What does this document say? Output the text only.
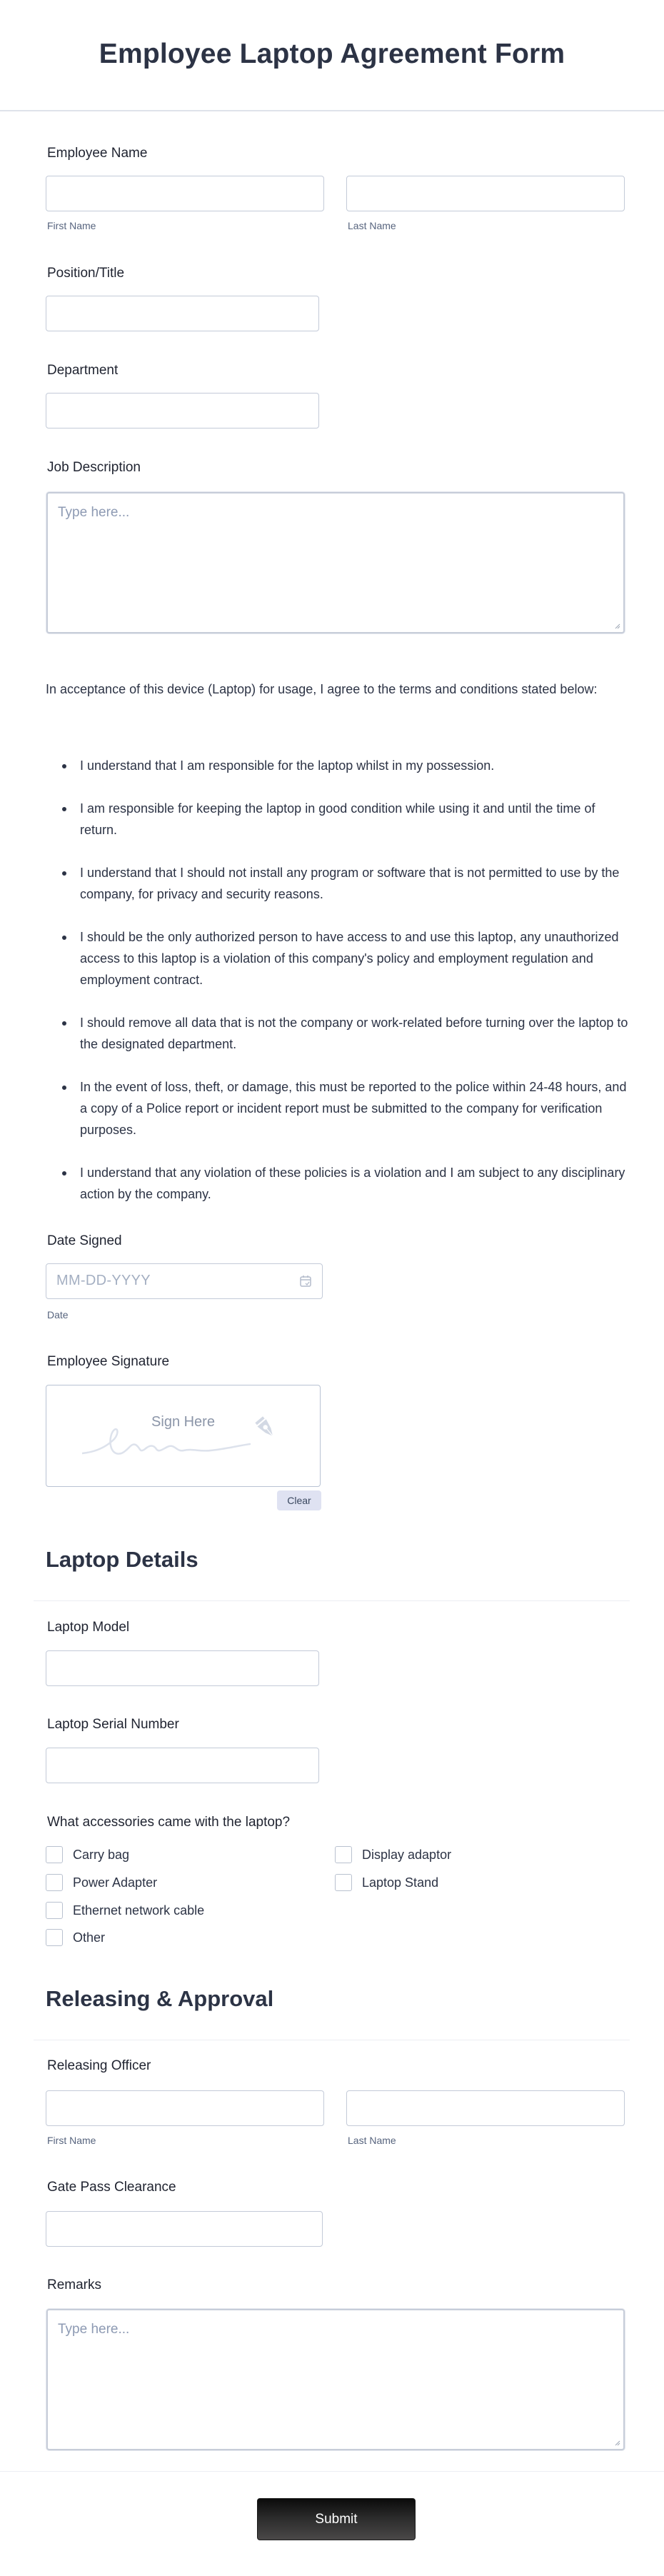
Employee Laptop Agreement Form
Employee Name
First Name	Last Name
Position/Title
Department
Job Description
Type here...
In acceptance of this device (Laptop) for usage, I agree to the terms and conditions stated below:
I understand that I am responsible for the laptop whilst in my possession.
I am responsible for keeping the laptop in good condition while using it and until the time of return.
I understand that I should not install any program or software that is not permitted to use by the company, for privacy and security reasons.
I should be the only authorized person to have access to and use this laptop, any unauthorized access to this laptop is a violation of this company's policy and employment regulation and employment contract.
I should remove all data that is not the company or work-related before turning over the laptop to the designated department.
In the event of loss, theft, or damage, this must be reported to the police within 24-48 hours, and a copy of a Police report or incident report must be submitted to the company for verification purposes.
I understand that any violation of these policies is a violation and I am subject to any disciplinary action by the company.
Date Signed
MM-DD-YYYY
Date
Employee Signature
Sign Here
Clear
Laptop Details
Laptop Model
Laptop Serial Number
What accessories came with the laptop?
Carry bag
Power Adapter
Ethernet network cable
Other
Display adaptor
Laptop Stand
Releasing & Approval
Releasing Officer
First Name	Last Name
Gate Pass Clearance
Remarks
Type here...
Submit
